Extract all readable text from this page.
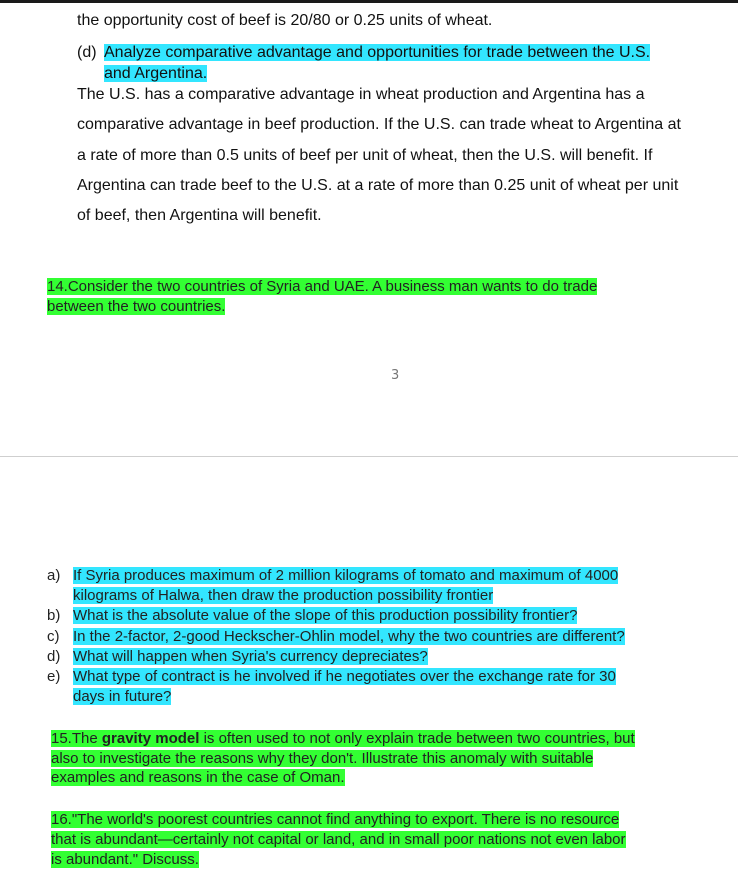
the opportunity cost of beef is 20/80 or 0.25 units of wheat.
(d) Analyze comparative advantage and opportunities for trade between the U.S.
and Argentina.
The U.S. has a comparative advantage in wheat production and Argentina has a
comparative advantage in beef production. If the U.S. can trade wheat to Argentina at
a rate of more than 0.5 units of beef per unit of wheat, then the U.S. will benefit. If
Argentina can trade beef to the U.S. at a rate of more than 0.25 unit of wheat per unit
of beef, then Argentina will benefit.
14.Consider the two countries of Syria and UAE. A business man wants to do trade
between the two countries.
3
a) If Syria produces maximum of 2 million kilograms of tomato and maximum of 4000
kilograms of Halwa, then draw the production possibility frontier
b) What is the absolute value of the slope of this production possibility frontier?
c) In the 2-factor, 2-good Heckscher-Ohlin model, why the two countries are different?
d) What will happen when Syria's currency depreciates?
e) What type of contract is he involved if he negotiates over the exchange rate for 30
days in future?
15.The gravity model is often used to not only explain trade between two countries, but
also to investigate the reasons why they don't. Illustrate this anomaly with suitable
examples and reasons in the case of Oman.
16."The world's poorest countries cannot find anything to export. There is no resource
that is abundant—certainly not capital or land, and in small poor nations not even labor
is abundant." Discuss.
